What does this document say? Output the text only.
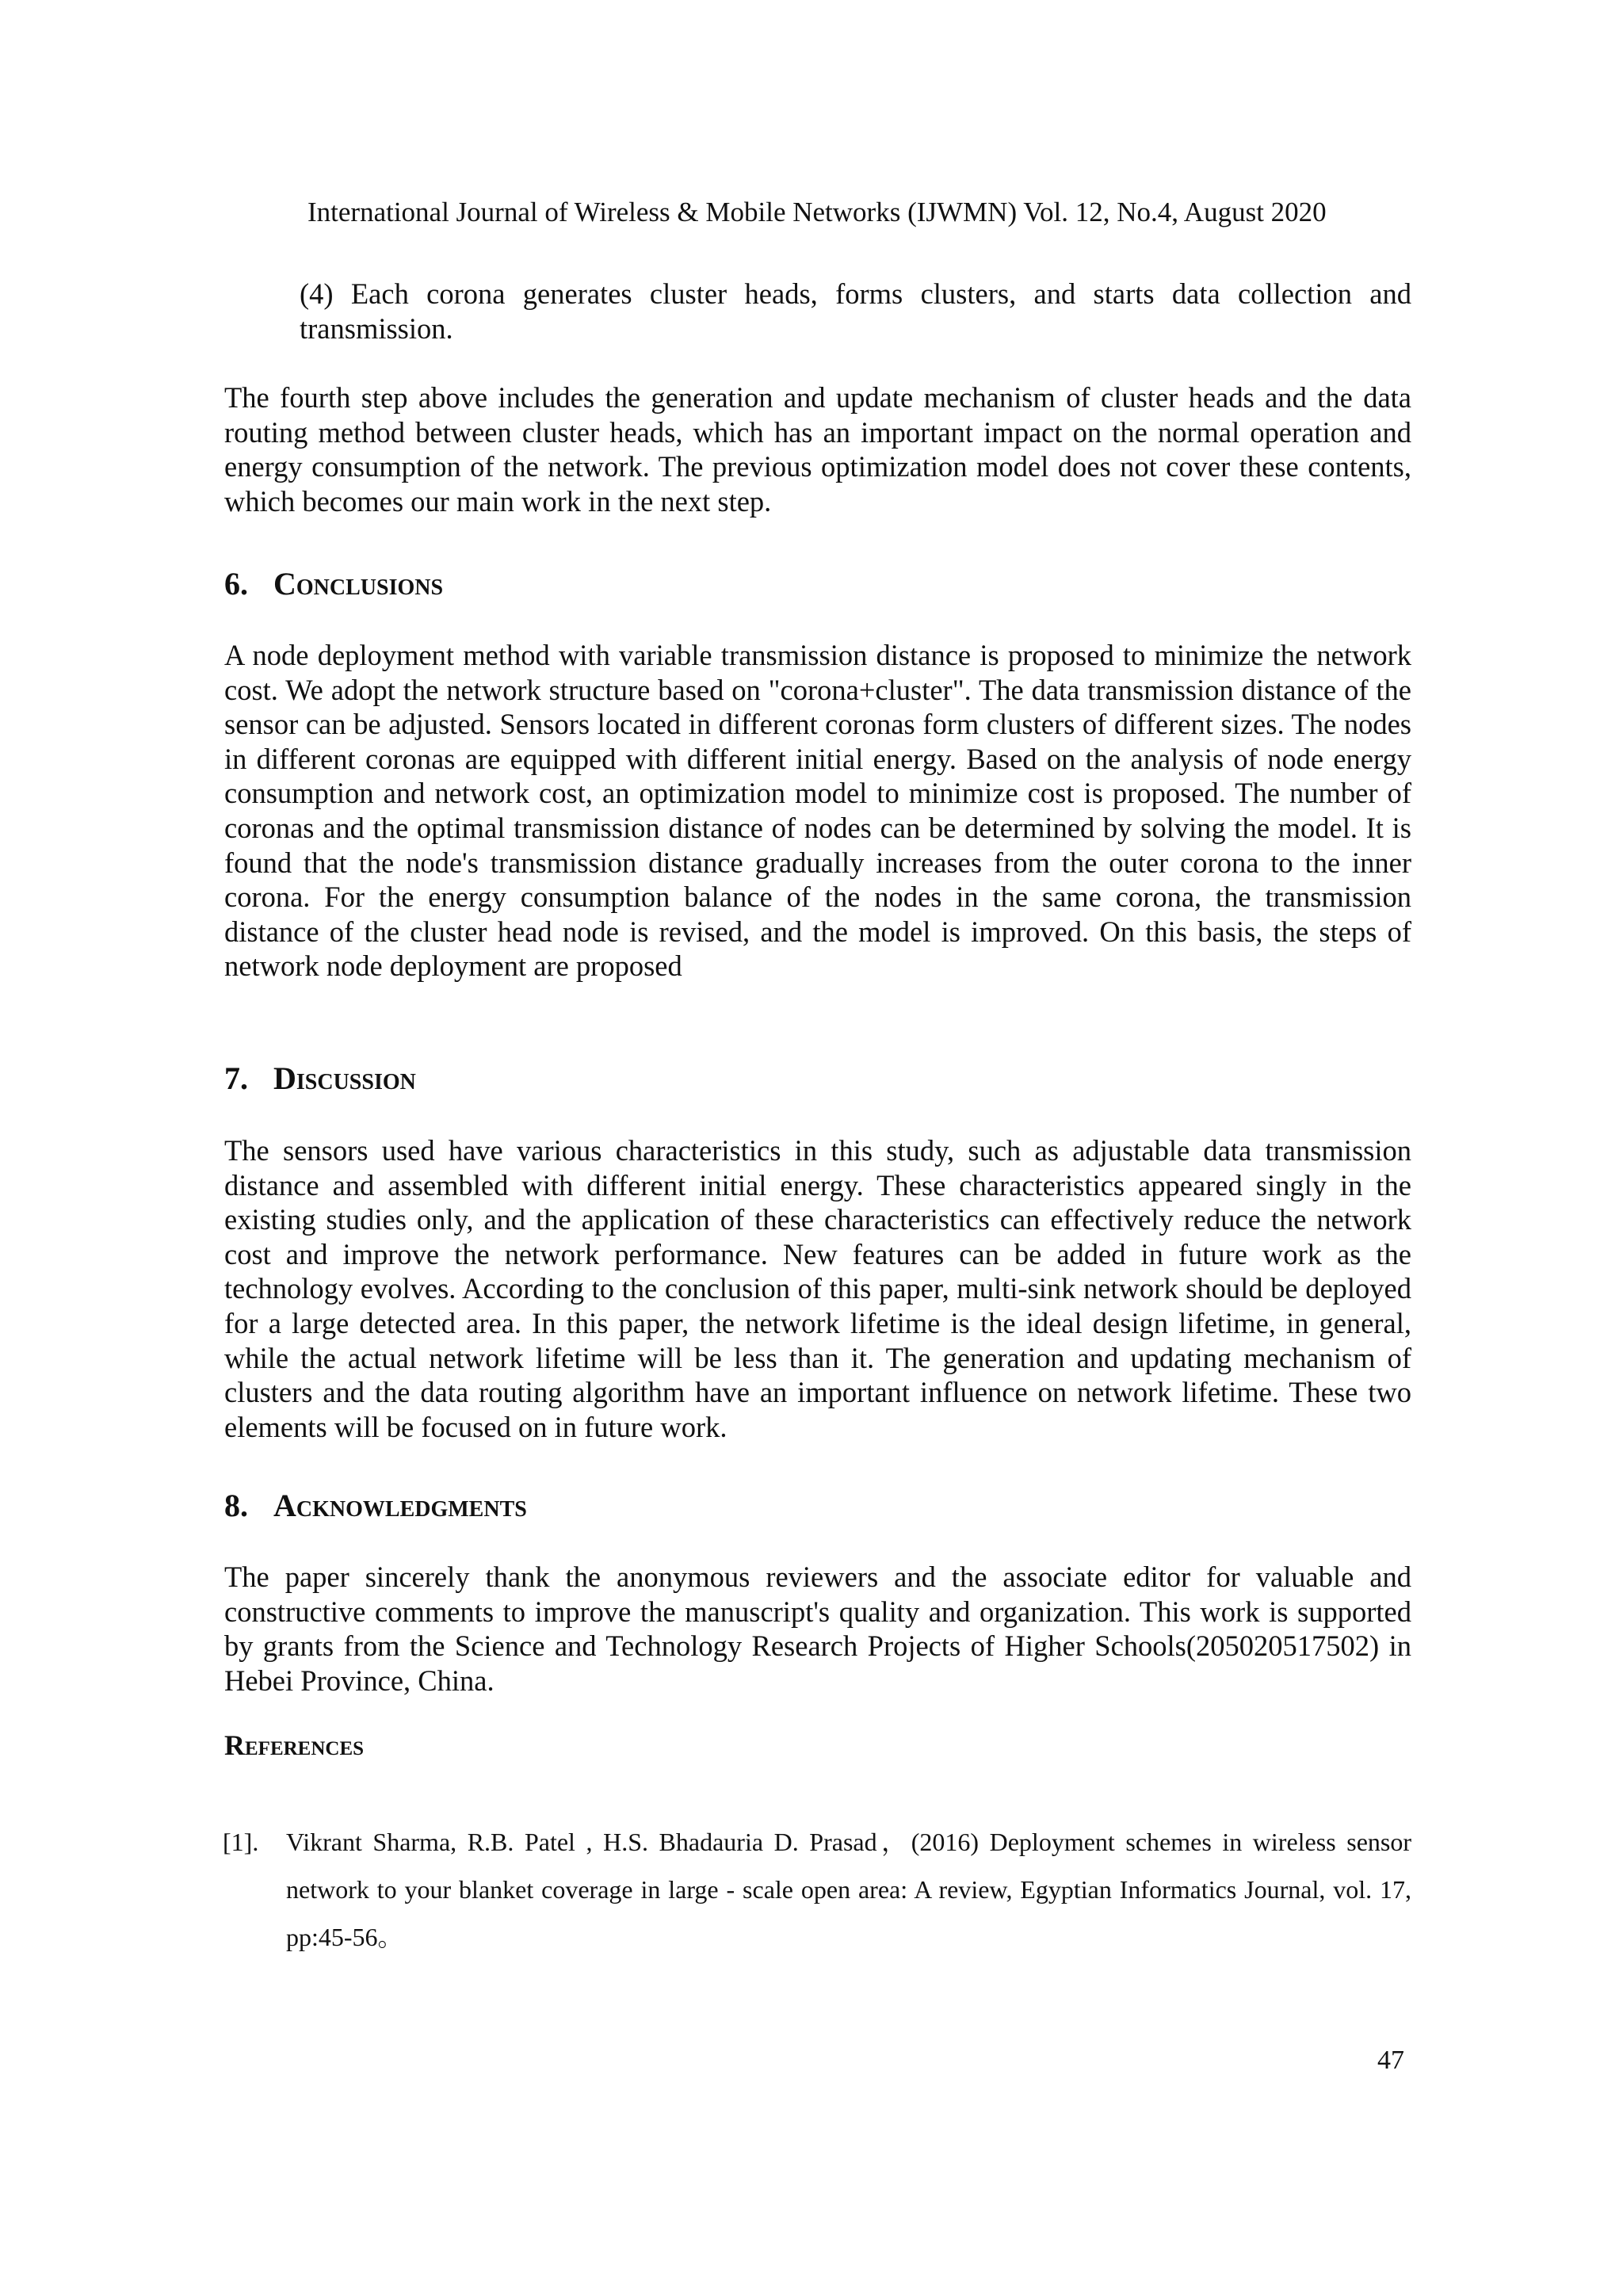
International Journal of Wireless & Mobile Networks (IJWMN) Vol. 12, No.4, August 2020
(4) Each corona generates cluster heads, forms clusters, and starts data collection and transmission.
The fourth step above includes the generation and update mechanism of cluster heads and the data routing method between cluster heads, which has an important impact on the normal operation and energy consumption of the network. The previous optimization model does not cover these contents, which becomes our main work in the next step.
6. Conclusions
A node deployment method with variable transmission distance is proposed to minimize the network cost. We adopt the network structure based on "corona+cluster". The data transmission distance of the sensor can be adjusted. Sensors located in different coronas form clusters of different sizes. The nodes in different coronas are equipped with different initial energy. Based on the analysis of node energy consumption and network cost, an optimization model to minimize cost is proposed. The number of coronas and the optimal transmission distance of nodes can be determined by solving the model. It is found that the node's transmission distance gradually increases from the outer corona to the inner corona. For the energy consumption balance of the nodes in the same corona, the transmission distance of the cluster head node is revised, and the model is improved. On this basis, the steps of network node deployment are proposed
7. Discussion
The sensors used have various characteristics in this study, such as adjustable data transmission distance and assembled with different initial energy. These characteristics appeared singly in the existing studies only, and the application of these characteristics can effectively reduce the network cost and improve the network performance. New features can be added in future work as the technology evolves. According to the conclusion of this paper, multi-sink network should be deployed for a large detected area. In this paper, the network lifetime is the ideal design lifetime, in general, while the actual network lifetime will be less than it. The generation and updating mechanism of clusters and the data routing algorithm have an important influence on network lifetime. These two elements will be focused on in future work.
8. Acknowledgments
The paper sincerely thank the anonymous reviewers and the associate editor for valuable and constructive comments to improve the manuscript's quality and organization. This work is supported by grants from the Science and Technology Research Projects of Higher Schools(205020517502) in Hebei Province, China.
References
[1]. Vikrant Sharma, R.B. Patel , H.S. Bhadauria D. Prasad，(2016) Deployment schemes in wireless sensor network to your blanket coverage in large - scale open area: A review, Egyptian Informatics Journal, vol. 17, pp:45-56。
47
